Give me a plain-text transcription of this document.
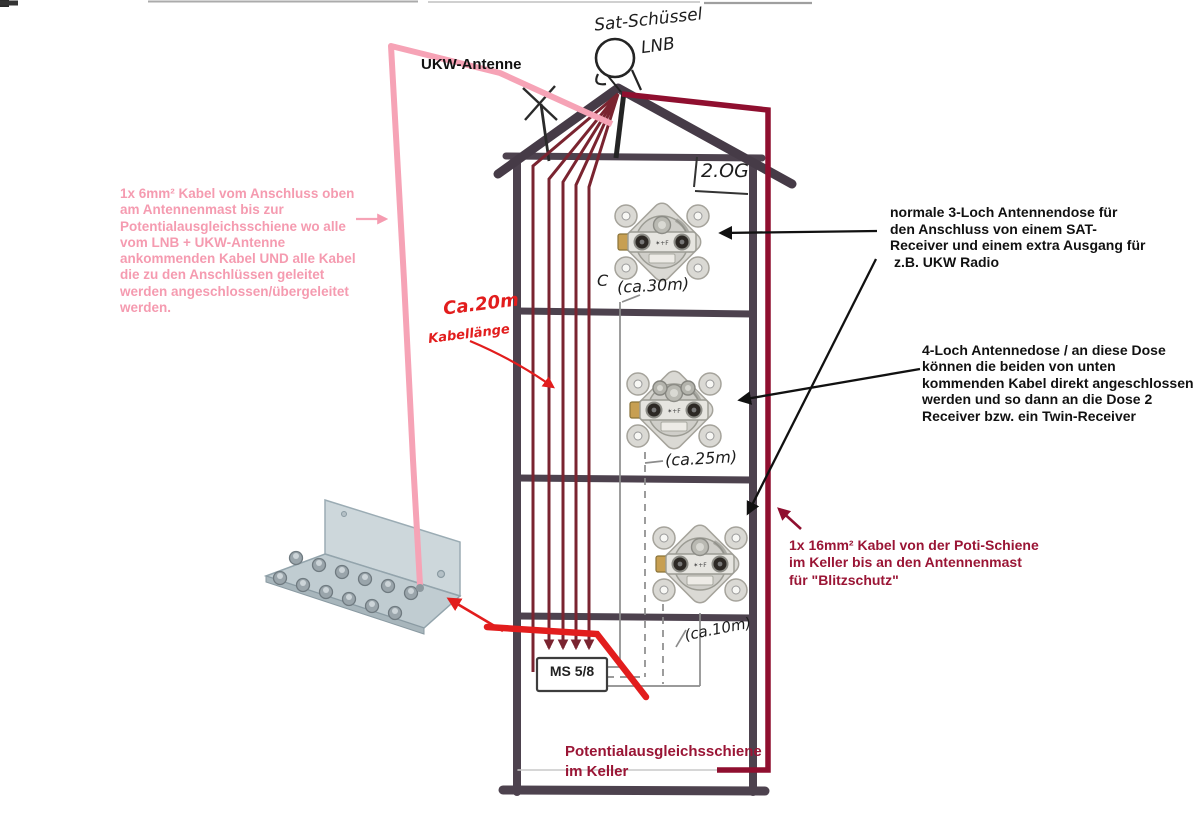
UKW-Antenne
1x 6mm² Kabel vom Anschluss oben
am Antennenmast bis zur
Potentialausgleichsschiene wo alle
vom LNB + UKW-Antenne
ankommenden Kabel UND alle Kabel
die zu den Anschlüssen geleitet
werden angeschlossen/übergeleitet
werden.
normale 3-Loch Antennendose für
den Anschluss von einem SAT-
Receiver und einem extra Ausgang für
z.B. UKW Radio
4-Loch Antennedose / an diese Dose
können die beiden von unten
kommenden Kabel direkt angeschlossen
werden und so dann an die Dose 2
Receiver bzw. ein Twin-Receiver
1x 16mm² Kabel von der Poti-Schiene
im Keller bis an den Antennenmast
für "Blitzschutz"
Potentialausgleichsschiene
im Keller
MS 5/8
Sat-Schüssel
LNB
2.OG
C (ca.30m)
(ca.25m)
(ca.10m)
Ca.20m
Kabellänge
